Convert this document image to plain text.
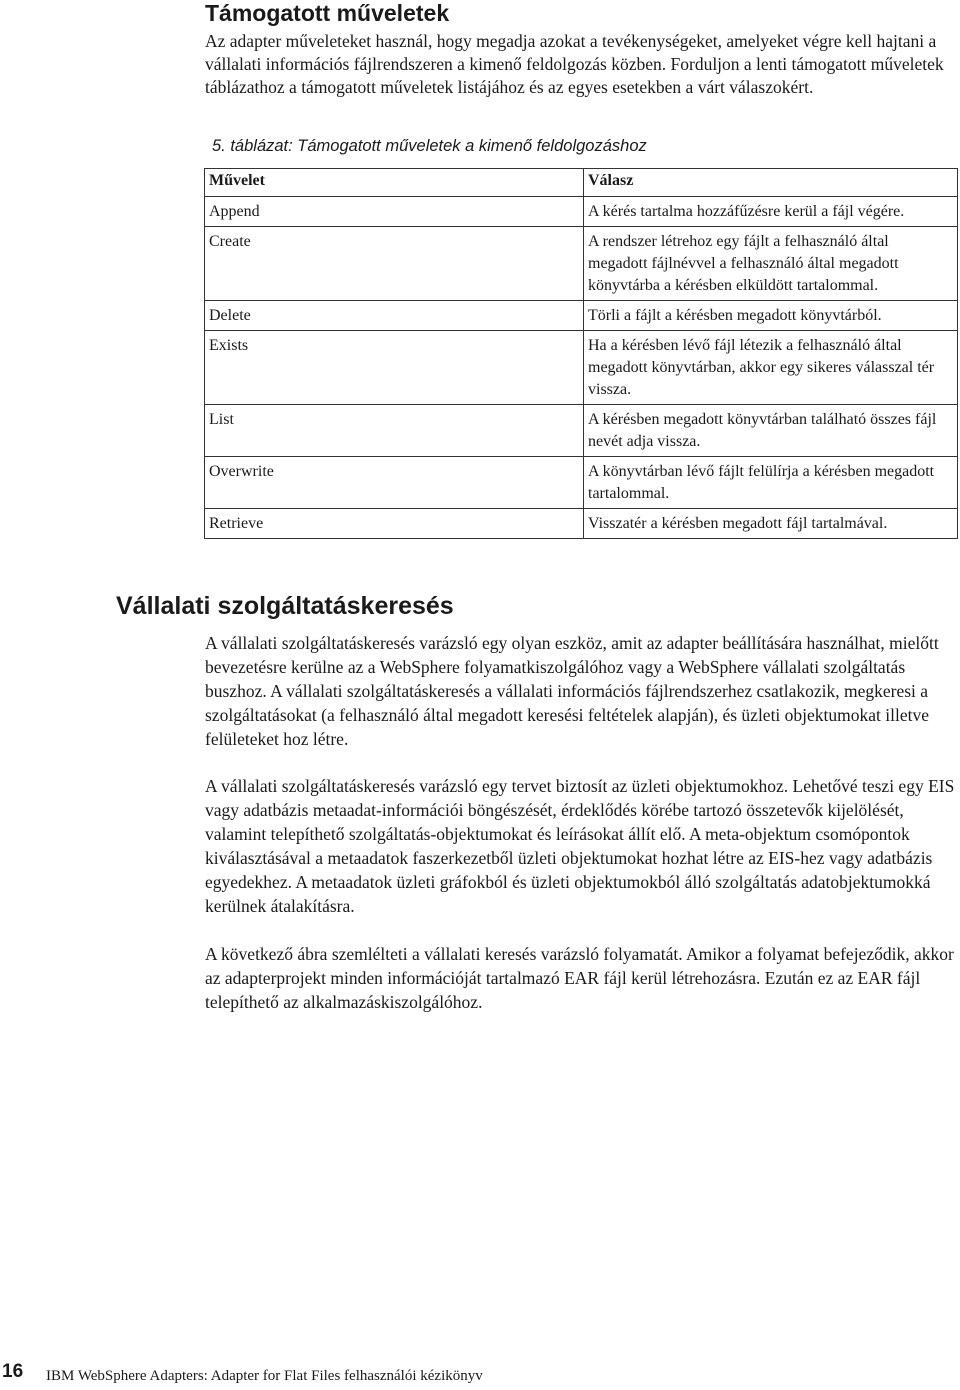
Támogatott műveletek

Az adapter műveleteket használ, hogy megadja azokat a tevékenységeket, amelyeket végre kell hajtani a vállalati információs fájlrendszeren a kimenő feldolgozás közben. Forduljon a lenti támogatott műveletek táblázathoz a támogatott műveletek listájához és az egyes esetekben a várt válaszokért.

5. táblázat: Támogatott műveletek a kimenő feldolgozáshoz

Művelet	Válasz
Append	A kérés tartalma hozzáfűzésre kerül a fájl végére.
Create	A rendszer létrehoz egy fájlt a felhasználó által megadott fájlnévvel a felhasználó által megadott könyvtárba a kérésben elküldött tartalommal.
Delete	Törli a fájlt a kérésben megadott könyvtárból.
Exists	Ha a kérésben lévő fájl létezik a felhasználó által megadott könyvtárban, akkor egy sikeres válasszal tér vissza.
List	A kérésben megadott könyvtárban található összes fájl nevét adja vissza.
Overwrite	A könyvtárban lévő fájlt felülírja a kérésben megadott tartalommal.
Retrieve	Visszatér a kérésben megadott fájl tartalmával.
Vállalati szolgáltatáskeresés

A vállalati szolgáltatáskeresés varázsló egy olyan eszköz, amit az adapter beállítására használhat, mielőtt bevezetésre kerülne az a WebSphere folyamatkiszolgálóhoz vagy a WebSphere vállalati szolgáltatás buszhoz. A vállalati szolgáltatáskeresés a vállalati információs fájlrendszerhez csatlakozik, megkeresi a szolgáltatásokat (a felhasználó által megadott keresési feltételek alapján), és üzleti objektumokat illetve felületeket hoz létre.

A vállalati szolgáltatáskeresés varázsló egy tervet biztosít az üzleti objektumokhoz. Lehetővé teszi egy EIS vagy adatbázis metaadat-információi böngészését, érdeklődés körébe tartozó összetevők kijelölését, valamint telepíthető szolgáltatás-objektumokat és leírásokat állít elő. A meta-objektum csomópontok kiválasztásával a metaadatok faszerkezetből üzleti objektumokat hozhat létre az EIS-hez vagy adatbázis egyedekhez. A metaadatok üzleti gráfokból és üzleti objektumokból álló szolgáltatás adatobjektumokká kerülnek átalakításra.

A következő ábra szemlélteti a vállalati keresés varázsló folyamatát. Amikor a folyamat befejeződik, akkor az adapterprojekt minden információját tartalmazó EAR fájl kerül létrehozásra. Ezután ez az EAR fájl telepíthető az alkalmazáskiszolgálóhoz.

16 IBM WebSphere Adapters: Adapter for Flat Files felhasználói kézikönyv
